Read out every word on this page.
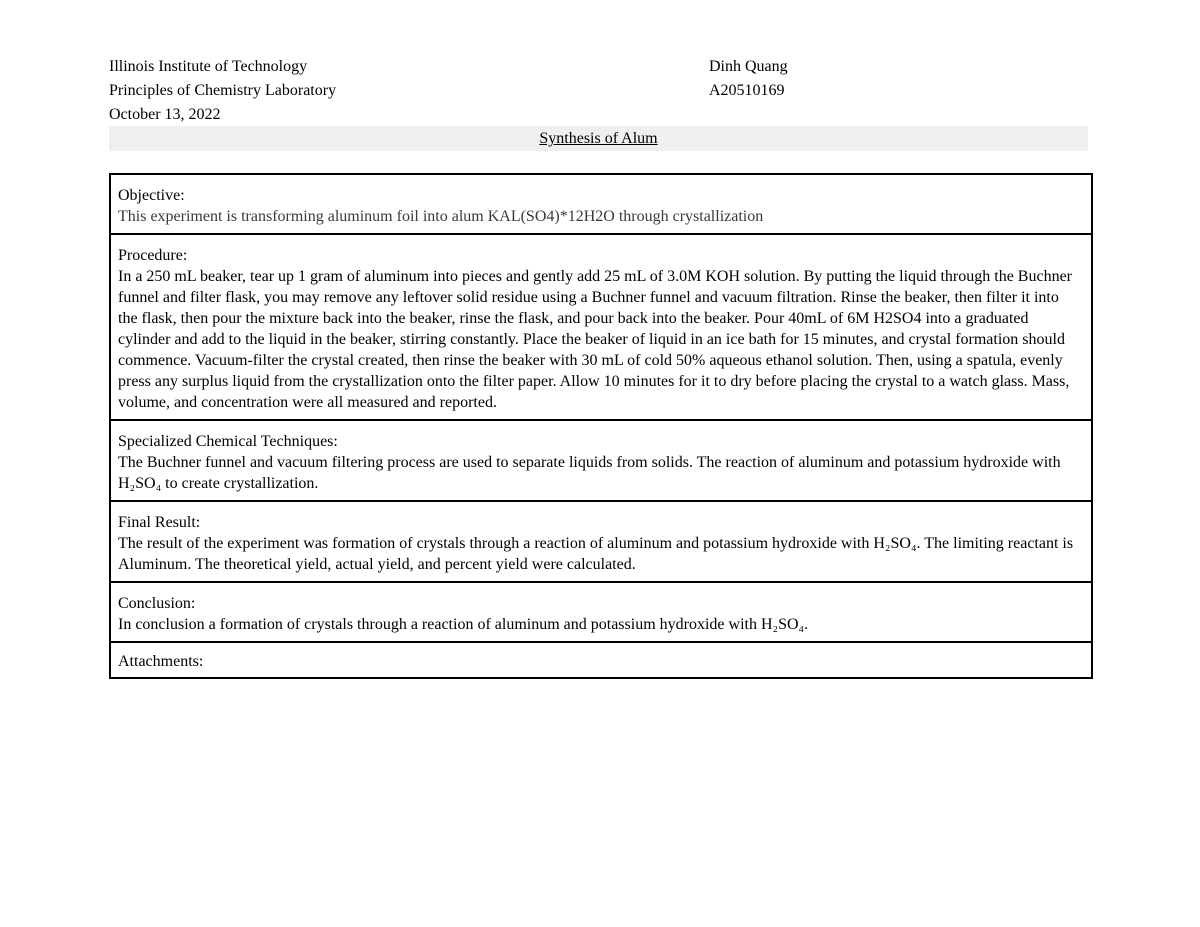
Illinois Institute of Technology
Principles of Chemistry Laboratory
October 13, 2022
Dinh Quang
A20510169
Synthesis of Alum
Objective:
This experiment is transforming aluminum foil into alum KAL(SO4)*12H2O through crystallization

Procedure:
In a 250 mL beaker, tear up 1 gram of aluminum into pieces and gently add 25 mL of 3.0M KOH solution. By putting the liquid through the Buchner funnel and filter flask, you may remove any leftover solid residue using a Buchner funnel and vacuum filtration. Rinse the beaker, then filter it into the flask, then pour the mixture back into the beaker, rinse the flask, and pour back into the beaker. Pour 40mL of 6M H2SO4 into a graduated cylinder and add to the liquid in the beaker, stirring constantly. Place the beaker of liquid in an ice bath for 15 minutes, and crystal formation should commence. Vacuum-filter the crystal created, then rinse the beaker with 30 mL of cold 50% aqueous ethanol solution. Then, using a spatula, evenly press any surplus liquid from the crystallization onto the filter paper. Allow 10 minutes for it to dry before placing the crystal to a watch glass. Mass, volume, and concentration were all measured and reported.

Specialized Chemical Techniques:
The Buchner funnel and vacuum filtering process are used to separate liquids from solids. The reaction of aluminum and potassium hydroxide with H₂SO₄ to create crystallization.

Final Result:
The result of the experiment was formation of crystals through a reaction of aluminum and potassium hydroxide with H₂SO₄. The limiting reactant is Aluminum. The theoretical yield, actual yield, and percent yield were calculated.

Conclusion:
In conclusion a formation of crystals through a reaction of aluminum and potassium hydroxide with H₂SO₄.

Attachments:
